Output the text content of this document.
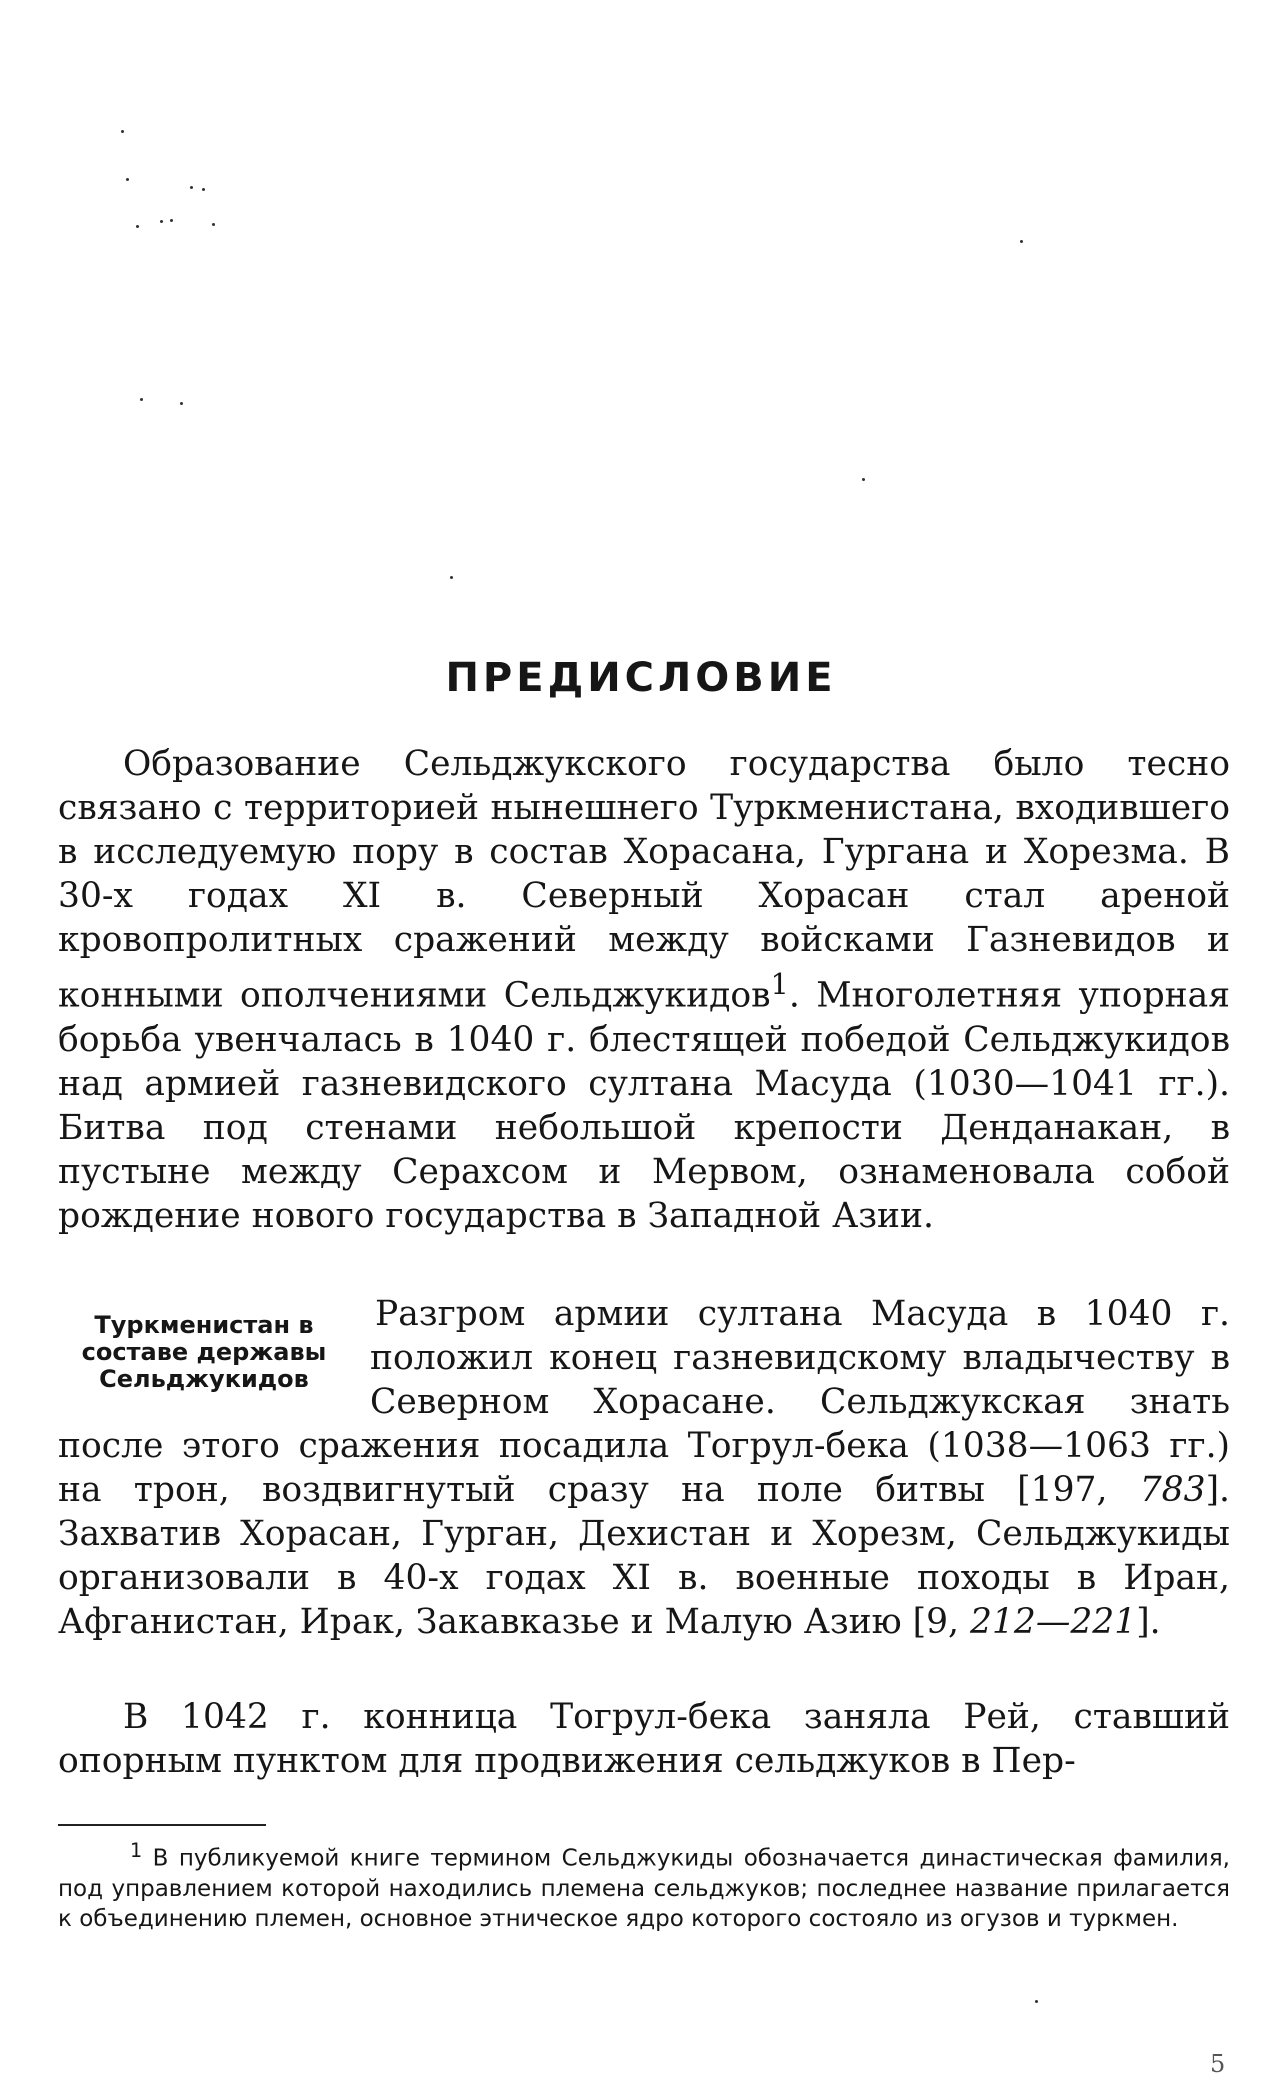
ПРЕДИСЛОВИЕ

Образование Сельджукского государства было тесно связано с территорией нынешнего Туркменистана, входившего в исследуемую пору в состав Хорасана, Гургана и Хорезма. В 30-х годах XI в. Северный Хорасан стал ареной кровопролитных сражений между войсками Газневидов и конными ополчениями Сельджукидов$^1$. Многолетняя упорная борьба увенчалась в 1040 г. блестящей победой Сельджукидов над армией газневидского султана Масуда (1030—1041 гг.). Битва под стенами небольшой крепости Денданакан, в пустыне между Серахсом и Мервом, ознаменовала собой рождение нового государства в Западной Азии.

Туркменистан в составе державы Сельджукидов
Разгром армии султана Масуда в 1040 г. положил конец газневидскому владычеству в Северном Хорасане. Сельджукская знать после этого сражения посадила Тогрул-бека (1038—1063 гг.) на трон, воздвигнутый сразу на поле битвы [197, 783]. Захватив Хорасан, Гурган, Дехистан и Хорезм, Сельджукиды организовали в 40-х годах XI в. военные походы в Иран, Афганистан, Ирак, Закавказье и Малую Азию [9, 212—221].

В 1042 г. конница Тогрул-бека заняла Рей, ставший опорным пунктом для продвижения сельджуков в Пер-

$^1$ В публикуемой книге термином Сельджукиды обозначается династическая фамилия, под управлением которой находились племена сельджуков; последнее название прилагается к объединению племен, основное этническое ядро которого состояло из огузов и туркмен.

5
